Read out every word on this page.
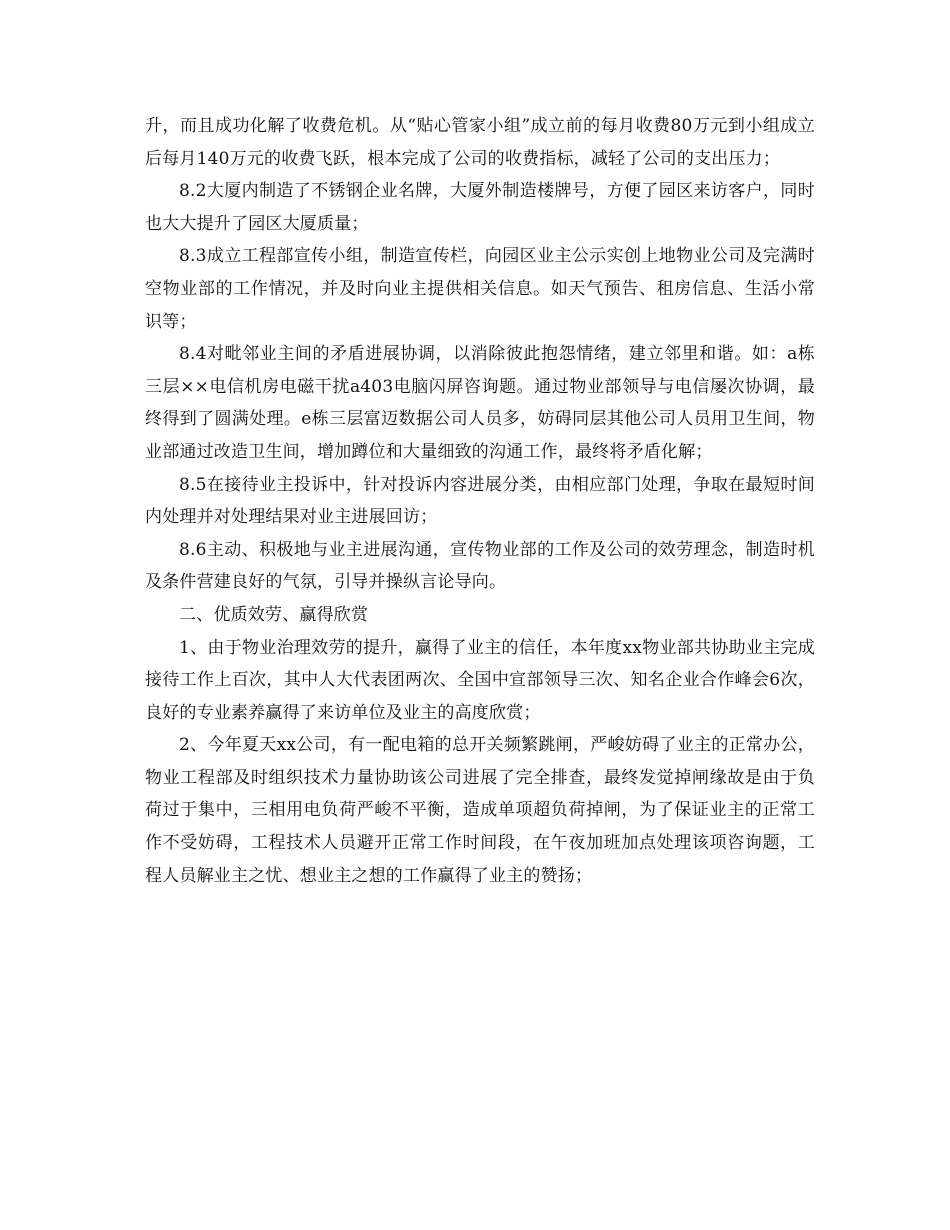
升，而且成功化解了收费危机。从“贴心管家小组”成立前的每月收费80万元到小组成立后每月140万元的收费飞跃，根本完成了公司的收费指标，减轻了公司的支出压力；

8.2大厦内制造了不锈钢企业名牌，大厦外制造楼牌号，方便了园区来访客户，同时也大大提升了园区大厦质量；

8.3成立工程部宣传小组，制造宣传栏，向园区业主公示实创上地物业公司及完满时空物业部的工作情况，并及时向业主提供相关信息。如天气预告、租房信息、生活小常识等；

8.4对毗邻业主间的矛盾进展协调，以消除彼此抱怨情绪，建立邻里和谐。如：a栋三层××电信机房电磁干扰a403电脑闪屏咨询题。通过物业部领导与电信屡次协调，最终得到了圆满处理。e栋三层富迈数据公司人员多，妨碍同层其他公司人员用卫生间，物业部通过改造卫生间，增加蹲位和大量细致的沟通工作，最终将矛盾化解；

8.5在接待业主投诉中，针对投诉内容进展分类，由相应部门处理，争取在最短时间内处理并对处理结果对业主进展回访；

8.6主动、积极地与业主进展沟通，宣传物业部的工作及公司的效劳理念，制造时机及条件营建良好的气氛，引导并操纵言论导向。

二、优质效劳、赢得欣赏

1、由于物业治理效劳的提升，赢得了业主的信任，本年度xx物业部共协助业主完成接待工作上百次，其中人大代表团两次、全国中宣部领导三次、知名企业合作峰会6次，良好的专业素养赢得了来访单位及业主的高度欣赏；

2、今年夏天xx公司，有一配电箱的总开关频繁跳闸，严峻妨碍了业主的正常办公，物业工程部及时组织技术力量协助该公司进展了完全排查，最终发觉掉闸缘故是由于负荷过于集中，三相用电负荷严峻不平衡，造成单项超负荷掉闸，为了保证业主的正常工作不受妨碍，工程技术人员避开正常工作时间段，在午夜加班加点处理该项咨询题，工程人员解业主之忧、想业主之想的工作赢得了业主的赞扬；
